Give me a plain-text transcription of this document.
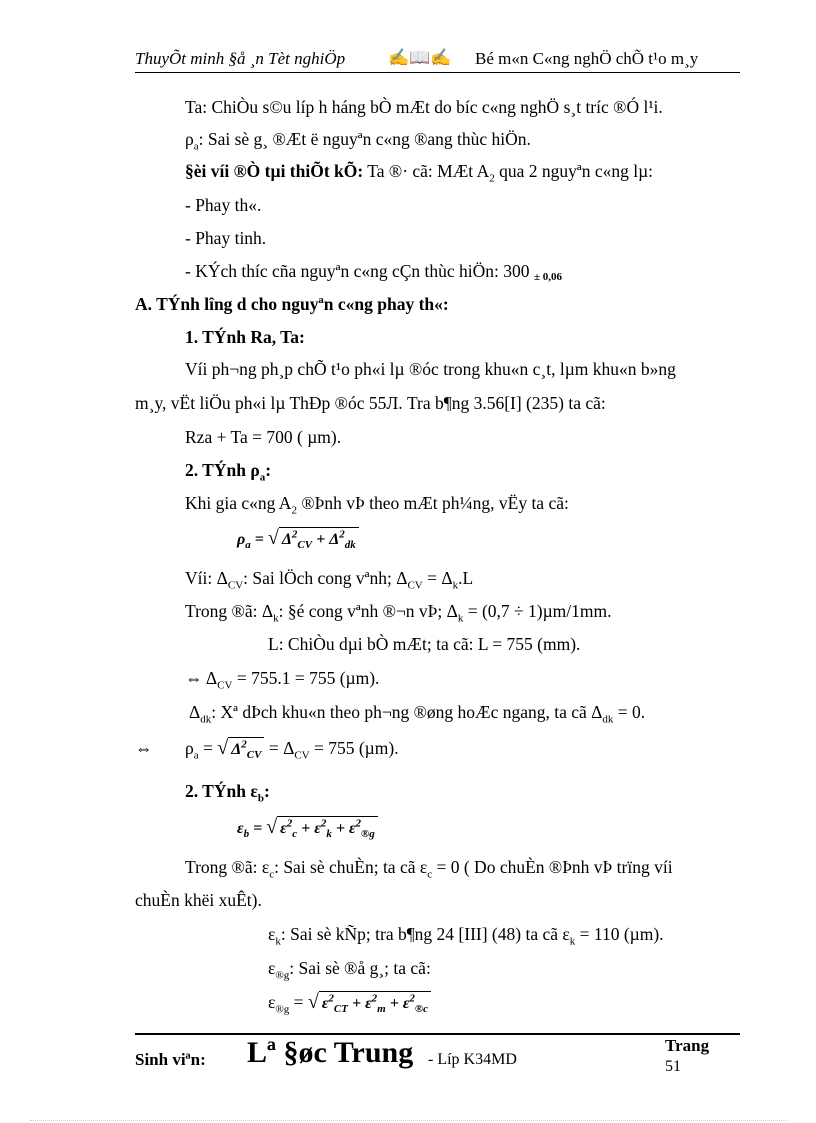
ThuyÕt minh §å ¸n Tèt nghiÖp	✍📖✍ Bé m«n C«ng nghÖ chÕ t¹o m¸y
Ta: ChiÒu s©u líp h háng bÒ mÆt do bíc c«ng nghÖ s¸t tríc ®Ó l¹i.
$\rho_a$: Sai sè g¸ ®Æt ë nguyªn c«ng ®ang thùc hiÖn.
§èi víi ®Ò tµi thiÕt kÕ: Ta ®· cã: MÆt $A_2$ qua 2 nguyªn c«ng lµ:
- Phay th«.
- Phay tinh.
- KÝch thíc cña nguyªn c«ng cÇn thùc hiÖn: 300 ± 0,06
A. TÝnh lîng d cho nguyªn c«ng phay th«:
1. TÝnh Ra, Ta:
Víi ph¬ng ph¸p chÕ t¹o ph«i lµ ®óc trong khu«n c¸t, lµm khu«n b»ng
m¸y, vËt liÖu ph«i lµ ThÐp ®óc 55Л. Tra b¶ng 3.56[I] (235) ta cã:
Rza + Ta = 700 ( µm).
2. TÝnh $\rho_a$:
Khi gia c«ng $A_2$ ®Þnh vÞ theo mÆt ph¼ng, vËy ta cã:
$\rho_a$ = √ $\Delta^2_{CV} + \Delta^2_{dk}$
Víi: $\Delta_{CV}$: Sai lÖch cong vªnh; $\Delta_{CV} = \Delta_k.L$
Trong ®ã: $\Delta_k$: §é cong vªnh ®¬n vÞ; $\Delta_k = (0,7 \div 1)\mu m/1mm$.
L: ChiÒu dµi bÒ mÆt; ta cã: L = 755 (mm).
⇔ $\Delta_{CV} = 755.1 = 755$ (µm).
$\Delta_{dk}$: Xª dÞch khu«n theo ph¬ng ®øng hoÆc ngang, ta cã $\Delta_{dk} = 0$.
⇔ $\rho_a$ = √ $\Delta^2_{CV} = \Delta_{CV} = 755$ (µm).
2. TÝnh $\varepsilon_b$:
$\varepsilon_b$ = √ $\varepsilon^2_c + \varepsilon^2_k + \varepsilon^2_{®g}$
Trong ®ã: $\varepsilon_c$: Sai sè chuÈn; ta cã $\varepsilon_c = 0$ ( Do chuÈn ®Þnh vÞ trïng víi
chuÈn khëi xuÊt).
$\varepsilon_k$: Sai sè kÑp; tra b¶ng 24 [III] (48) ta cã $\varepsilon_k = 110$ (µm).
$\varepsilon_{®g}$: Sai sè ®å g¸; ta cã:
$\varepsilon_{®g}$ = √ $\varepsilon^2_{CT} + \varepsilon^2_m + \varepsilon^2_{®c}$
Sinh viªn: Lª §øc Trung - Líp K34MD
Trang
51
